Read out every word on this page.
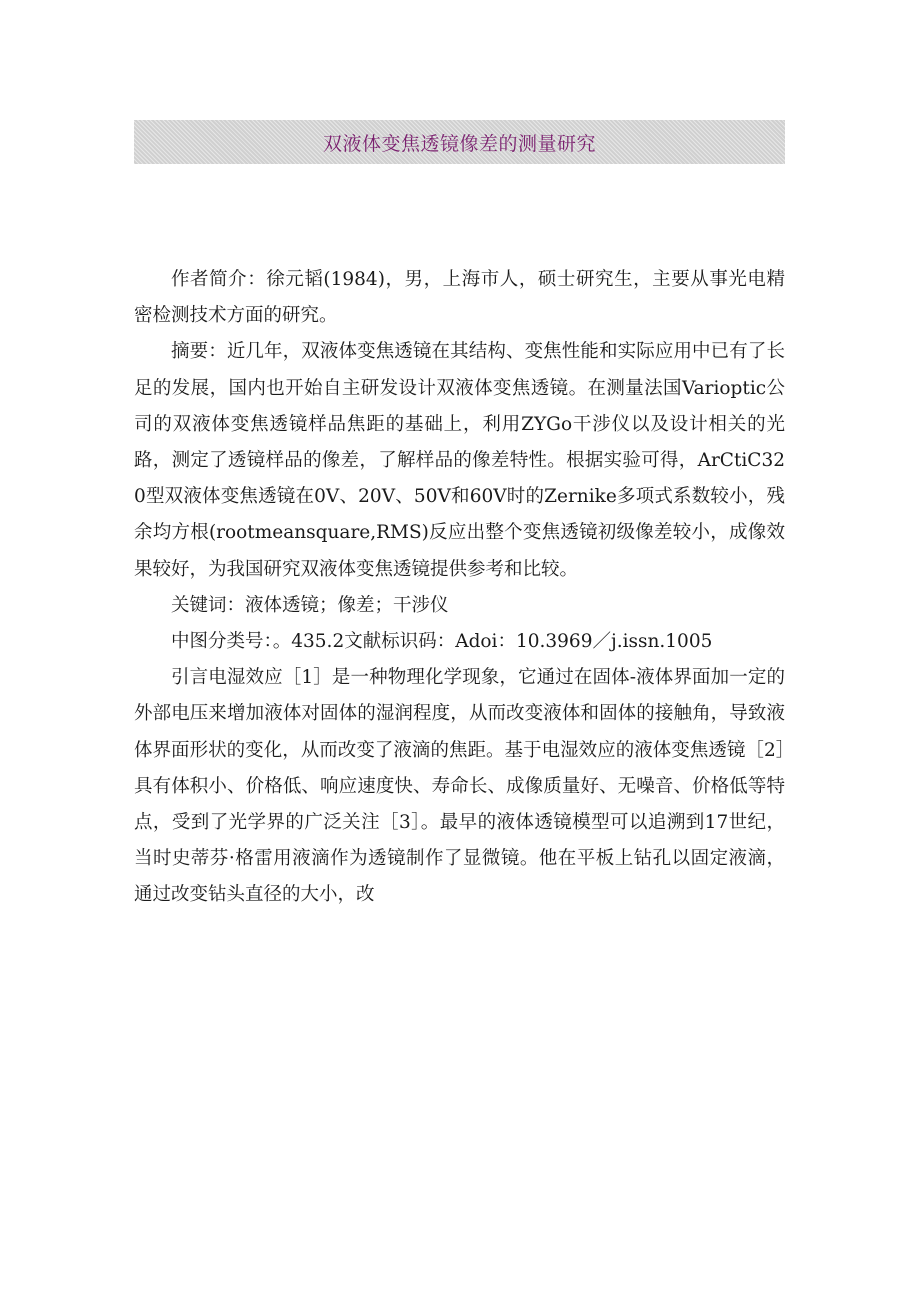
双液体变焦透镜像差的测量研究

作者简介：徐元韬(1984)，男，上海市人，硕士研究生，主要从事光电精密检测技术方面的研究。

摘要：近几年，双液体变焦透镜在其结构、变焦性能和实际应用中已有了长足的发展，国内也开始自主研发设计双液体变焦透镜。在测量法国Varioptic公司的双液体变焦透镜样品焦距的基础上，利用ZYGo干涉仪以及设计相关的光路，测定了透镜样品的像差，了解样品的像差特性。根据实验可得，ArCtiC320型双液体变焦透镜在0V、20V、50V和60V时的Zernike多项式系数较小，残余均方根(rootmeansquare,RMS)反应出整个变焦透镜初级像差较小，成像效果较好，为我国研究双液体变焦透镜提供参考和比较。

关键词：液体透镜；像差；干涉仪

中图分类号：。435.2文献标识码：Adoi：10.3969／j.issn.1005

引言电湿效应［1］是一种物理化学现象，它通过在固体-液体界面加一定的外部电压来增加液体对固体的湿润程度，从而改变液体和固体的接触角，导致液体界面形状的变化，从而改变了液滴的焦距。基于电湿效应的液体变焦透镜［2］具有体积小、价格低、响应速度快、寿命长、成像质量好、无噪音、价格低等特点，受到了光学界的广泛关注［3］。最早的液体透镜模型可以追溯到17世纪，当时史蒂芬·格雷用液滴作为透镜制作了显微镜。他在平板上钻孔以固定液滴，通过改变钻头直径的大小，改
